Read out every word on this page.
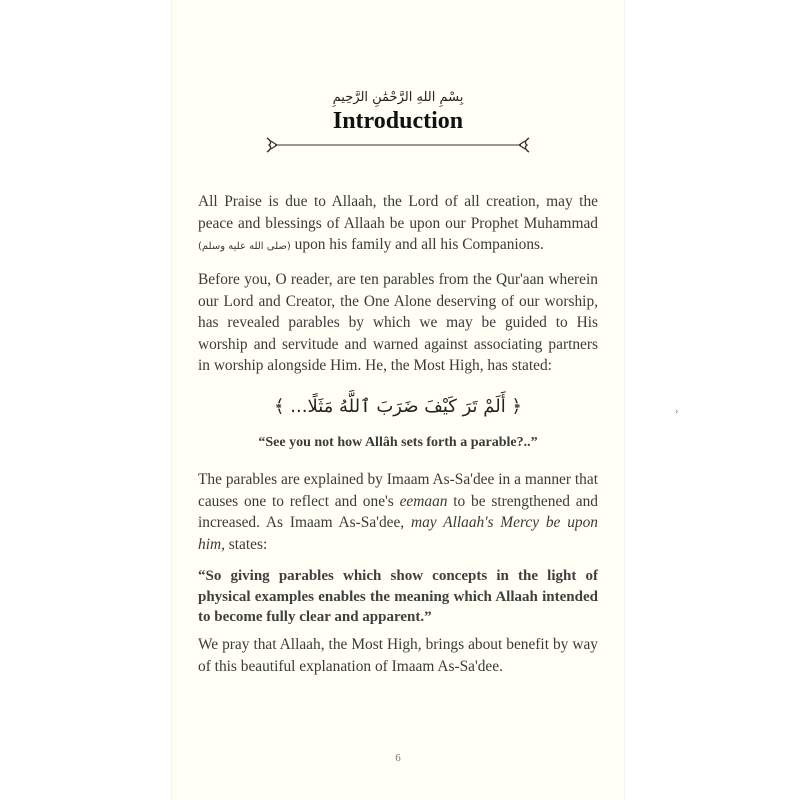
بِسْمِ اللهِ الرَّحْمَٰنِ الرَّحِيمِ
Introduction
All Praise is due to Allaah, the Lord of all creation, may the peace and blessings of Allaah be upon our Prophet Muhammad (صلى الله عليه وسلم) upon his family and all his Companions.
Before you, O reader, are ten parables from the Qur'aan wherein our Lord and Creator, the One Alone deserving of our worship, has revealed parables by which we may be guided to His worship and servitude and warned against associating partners in worship alongside Him. He, the Most High, has stated:
﴿ أَلَمْ تَرَ كَيْفَ ضَرَبَ ٱللَّهُ مَثَلًا... ﴾
“See you not how Allâh sets forth a parable?..”
The parables are explained by Imaam As-Sa'dee in a manner that causes one to reflect and one's eemaan to be strengthened and increased. As Imaam As-Sa'dee, may Allaah's Mercy be upon him, states:
“So giving parables which show concepts in the light of physical examples enables the meaning which Allaah intended to become fully clear and apparent.”
We pray that Allaah, the Most High, brings about benefit by way of this beautiful explanation of Imaam As-Sa'dee.
›
6
